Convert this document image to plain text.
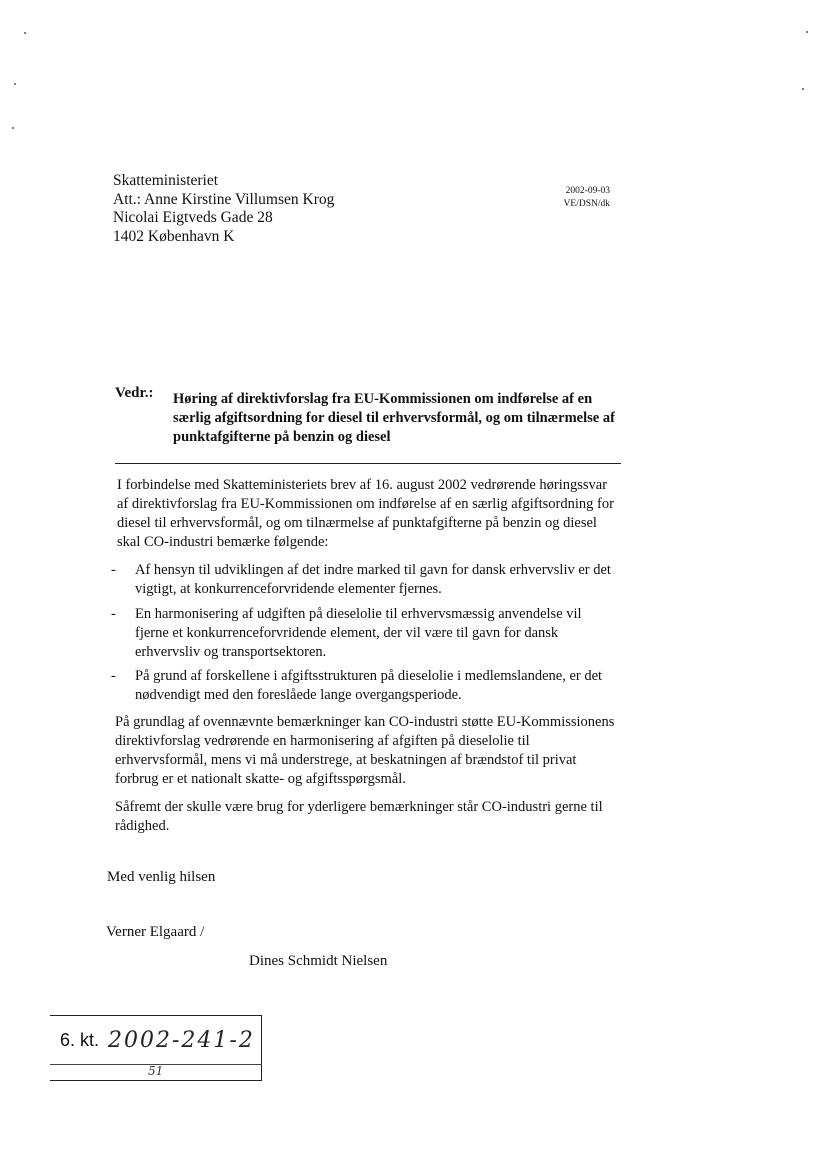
Skatteministeriet
Att.: Anne Kirstine Villumsen Krog
Nicolai Eigtveds Gade 28
1402 København K
2002-09-03
VE/DSN/dk
Vedr.: Høring af direktivforslag fra EU-Kommissionen om indførelse af en særlig afgiftsordning for diesel til erhvervsformål, og om tilnærmelse af punktafgifterne på benzin og diesel
I forbindelse med Skatteministeriets brev af 16. august 2002 vedrørende høringssvar af direktivforslag fra EU-Kommissionen om indførelse af en særlig afgiftsordning for diesel til erhvervsformål, og om tilnærmelse af punktafgifterne på benzin og diesel skal CO-industri bemærke følgende:
- Af hensyn til udviklingen af det indre marked til gavn for dansk erhvervsliv er det vigtigt, at konkurrenceforvridende elementer fjernes.
- En harmonisering af udgiften på dieselolie til erhvervsmæssig anvendelse vil fjerne et konkurrenceforvridende element, der vil være til gavn for dansk erhvervsliv og transportsektoren.
- På grund af forskellene i afgiftsstrukturen på dieselolie i medlemslandene, er det nødvendigt med den foreslåede lange overgangsperiode.
På grundlag af ovennævnte bemærkninger kan CO-industri støtte EU-Kommissionens direktivforslag vedrørende en harmonisering af afgiften på dieselolie til erhvervsformål, mens vi må understrege, at beskatningen af brændstof til privat forbrug er et nationalt skatte- og afgiftsspørgsmål.
Såfremt der skulle være brug for yderligere bemærkninger står CO-industri gerne til rådighed.
Med venlig hilsen
Verner Elgaard /
Dines Schmidt Nielsen
6. kt. 2002-241-2
51
